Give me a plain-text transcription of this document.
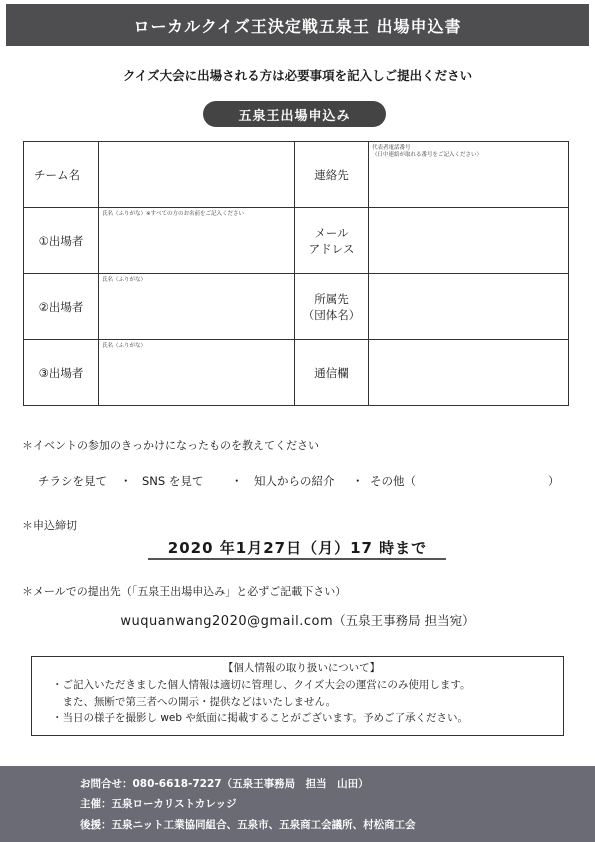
ローカルクイズ王決定戦五泉王 出場申込書
クイズ大会に出場される方は必要事項を記入しご提出ください
五泉王出場申込み
チーム名		連絡先	代表者電話番号
（日中連絡が取れる番号をご記入ください）

①出場者	氏名（ふりがな）※すべての方のお名前をご記入ください	メール
アドレス	

②出場者	氏名（ふりがな）	所属先
（団体名）	

③出場者	氏名（ふりがな）	通信欄	
＊イベントの参加のきっかけになったものを教えてください
チラシを見て ・ SNS を見て ・ 知人からの紹介 ・ その他（	）
＊申込締切
2020 年1月27日（月）17 時まで
＊メールでの提出先（「五泉王出場申込み」と必ずご記載下さい）
wuquanwang2020@gmail.com（五泉王事務局 担当宛）
【個人情報の取り扱いについて】
・ご記入いただきました個人情報は適切に管理し、クイズ大会の運営にのみ使用します。
　また、無断で第三者への開示・提供などはいたしません。
・当日の様子を撮影し web や紙面に掲載することがございます。予めご了承ください。
お問合せ：080-6618-7227（五泉王事務局　担当　山田）
主催：五泉ローカリストカレッジ
後援：五泉ニット工業協同組合、五泉市、五泉商工会議所、村松商工会
